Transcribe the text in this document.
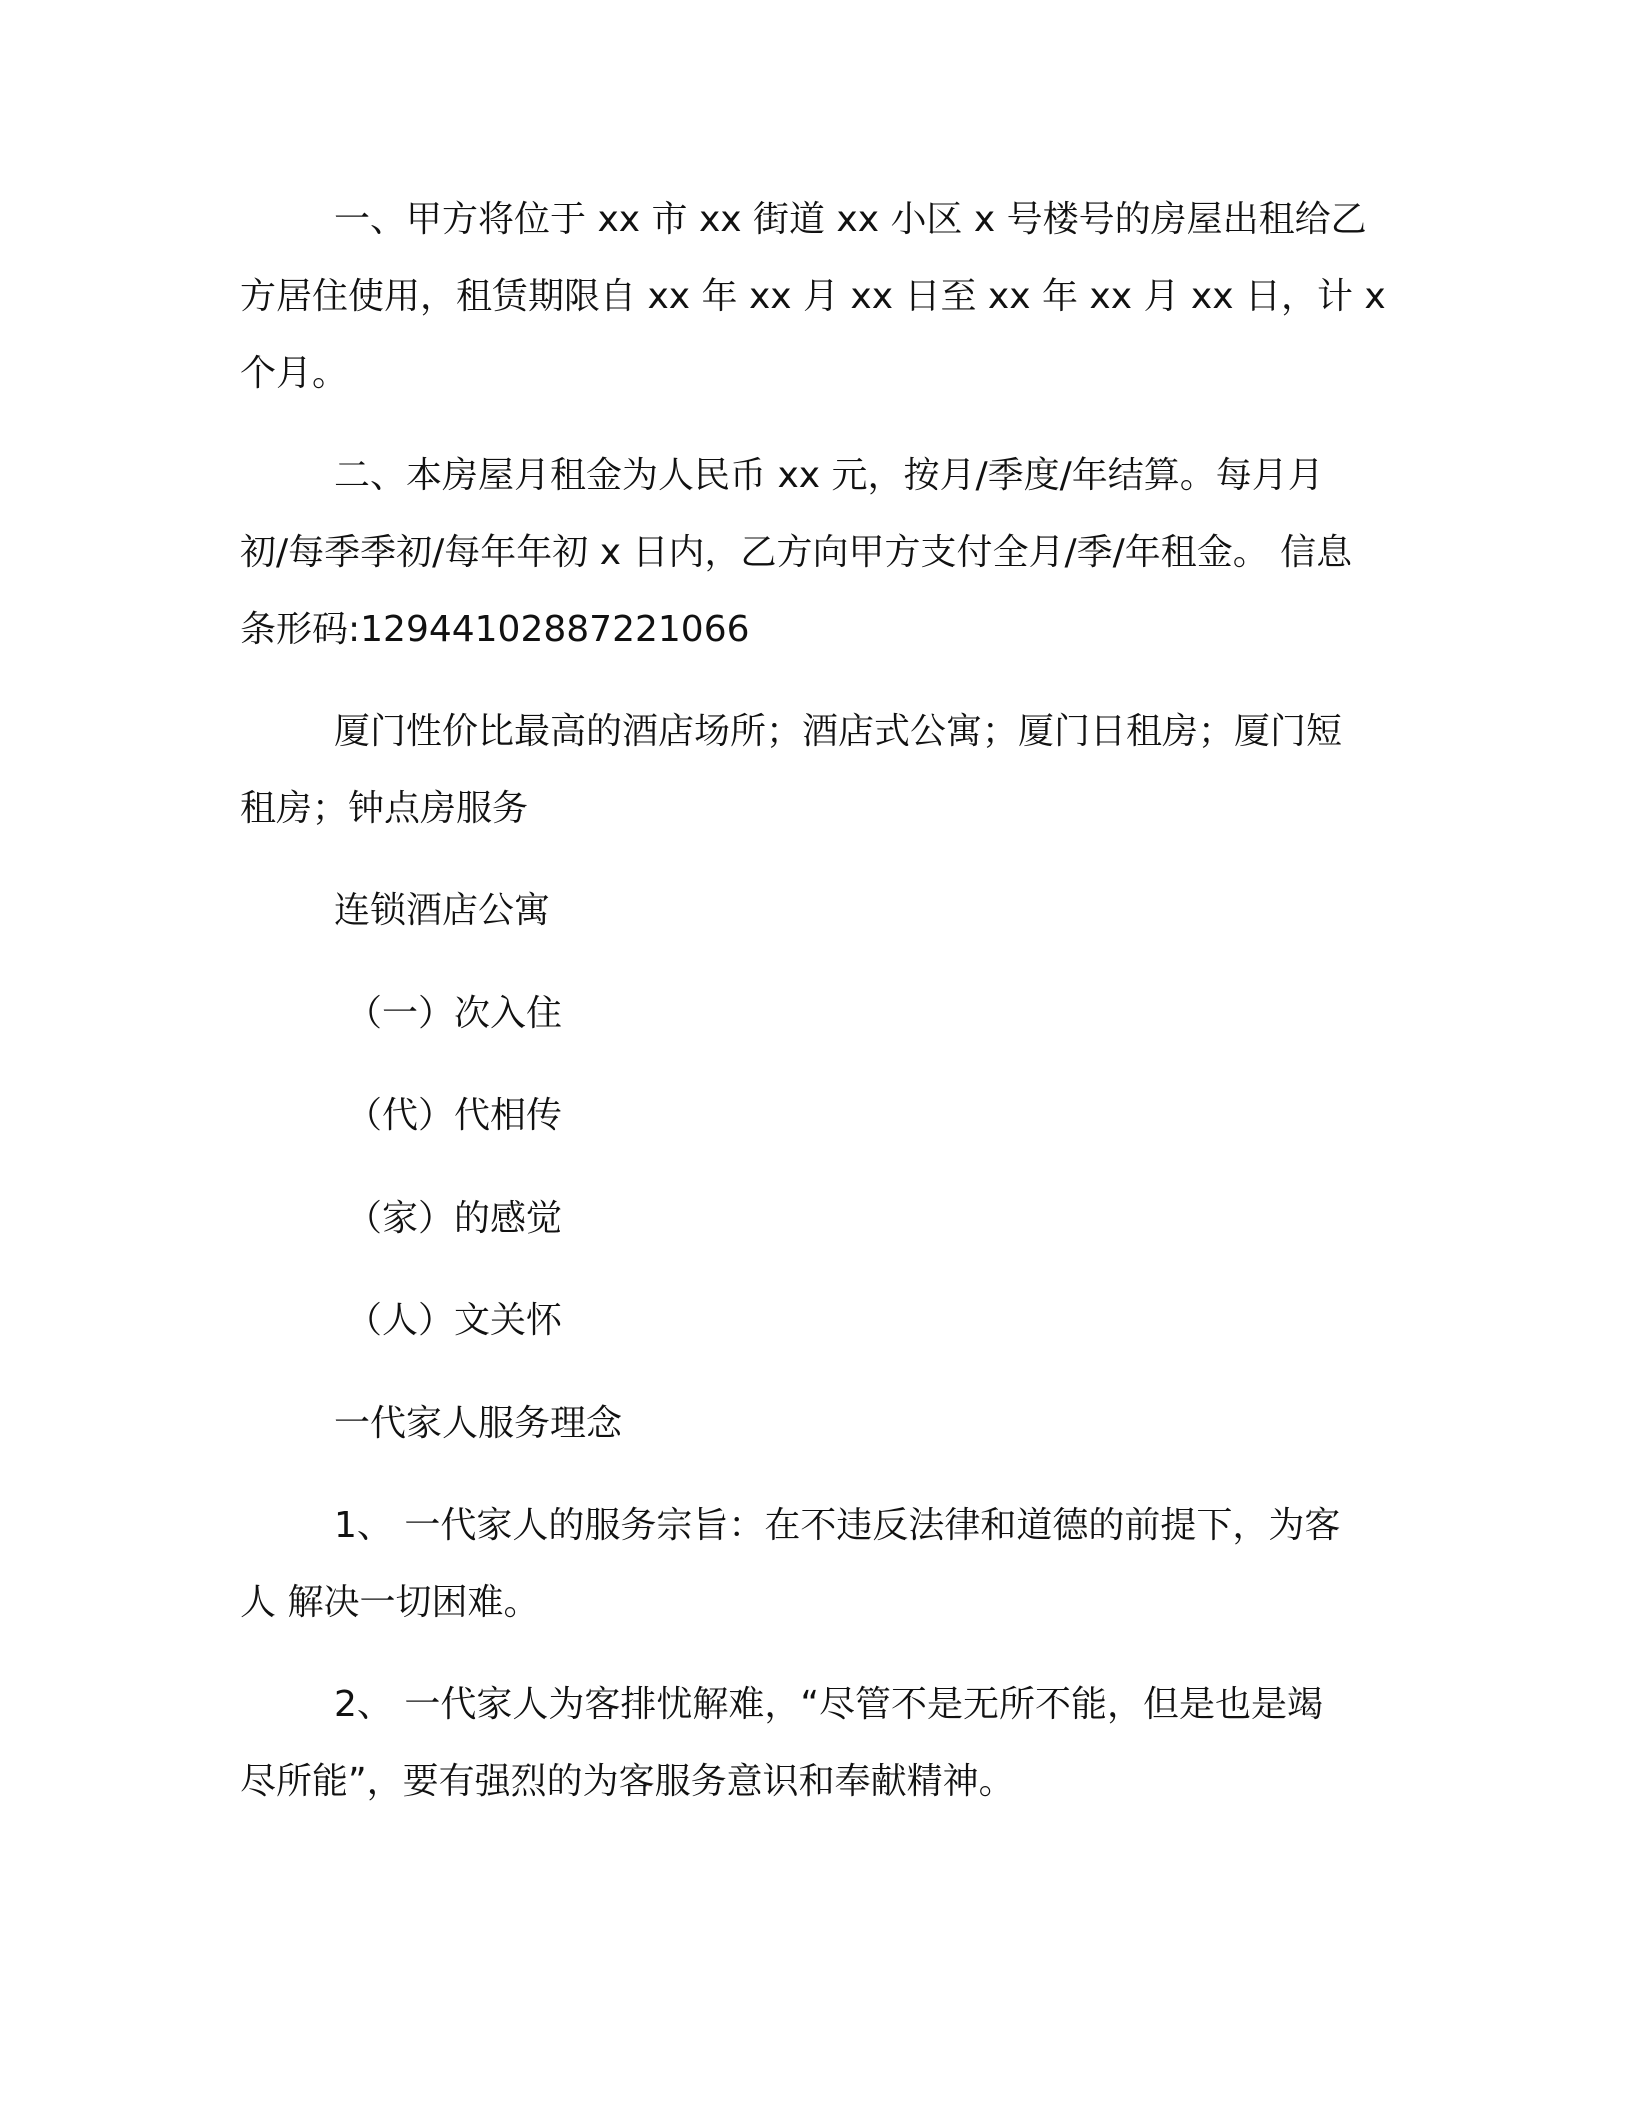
一、甲方将位于 xx 市 xx 街道 xx 小区 x 号楼号的房屋出租给乙
方居住使用，租赁期限自 xx 年 xx 月 xx 日至 xx 年 xx 月 xx 日，计 x
个月。
二、本房屋月租金为人民币 xx 元，按月/季度/年结算。每月月
初/每季季初/每年年初 x 日内，乙方向甲方支付全月/季/年租金。 信息
条形码:12944102887221066
厦门性价比最高的酒店场所；酒店式公寓；厦门日租房；厦门短
租房；钟点房服务
连锁酒店公寓
（一）次入住
（代）代相传
（家）的感觉
（人）文关怀
一代家人服务理念
1、 一代家人的服务宗旨：在不违反法律和道德的前提下，为客
人 解决一切困难。
2、 一代家人为客排忧解难，“尽管不是无所不能，但是也是竭
尽所能”，要有强烈的为客服务意识和奉献精神。
